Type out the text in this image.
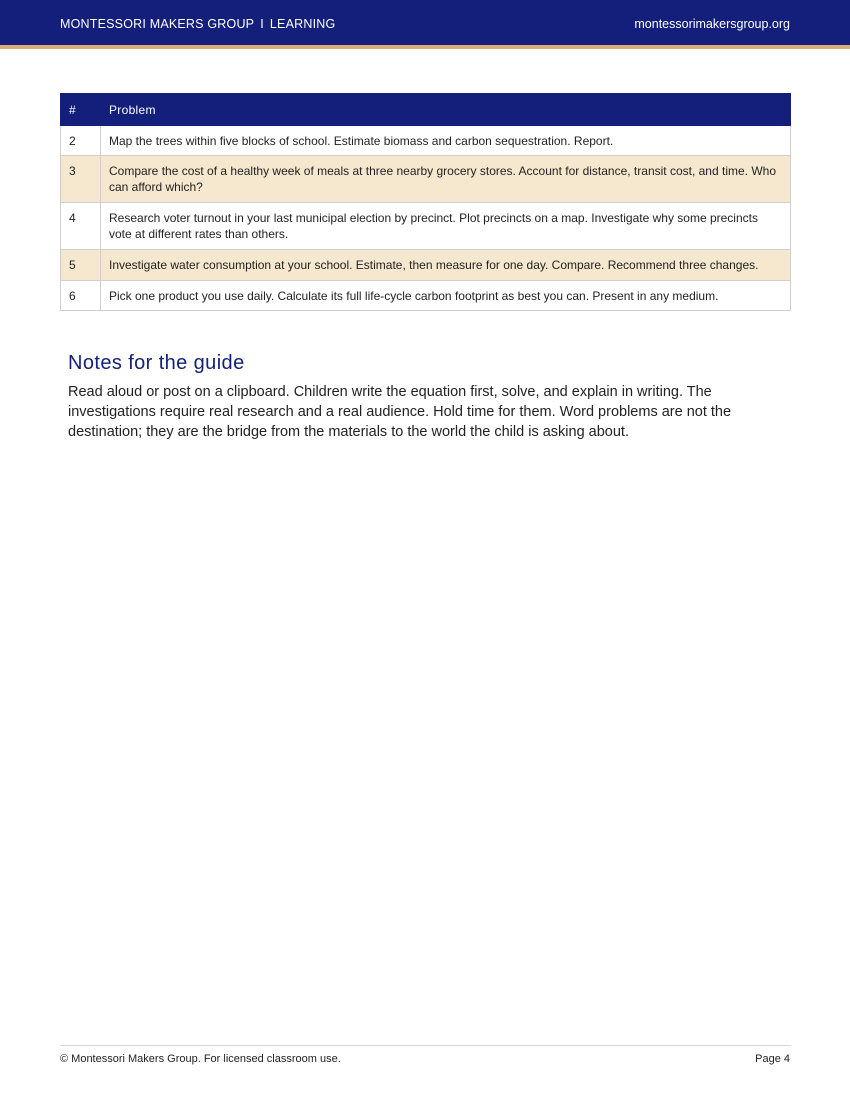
MONTESSORI MAKERS GROUP I LEARNING	montessorimakersgroup.org
#	Problem
2	Map the trees within five blocks of school. Estimate biomass and carbon sequestration. Report.
3	Compare the cost of a healthy week of meals at three nearby grocery stores. Account for distance, transit cost, and time. Who can afford which?
4	Research voter turnout in your last municipal election by precinct. Plot precincts on a map. Investigate why some precincts vote at different rates than others.
5	Investigate water consumption at your school. Estimate, then measure for one day. Compare. Recommend three changes.
6	Pick one product you use daily. Calculate its full life-cycle carbon footprint as best you can. Present in any medium.
Notes for the guide

Read aloud or post on a clipboard. Children write the equation first, solve, and explain in writing. The investigations require real research and a real audience. Hold time for them. Word problems are not the destination; they are the bridge from the materials to the world the child is asking about.

© Montessori Makers Group. For licensed classroom use.	Page 4
